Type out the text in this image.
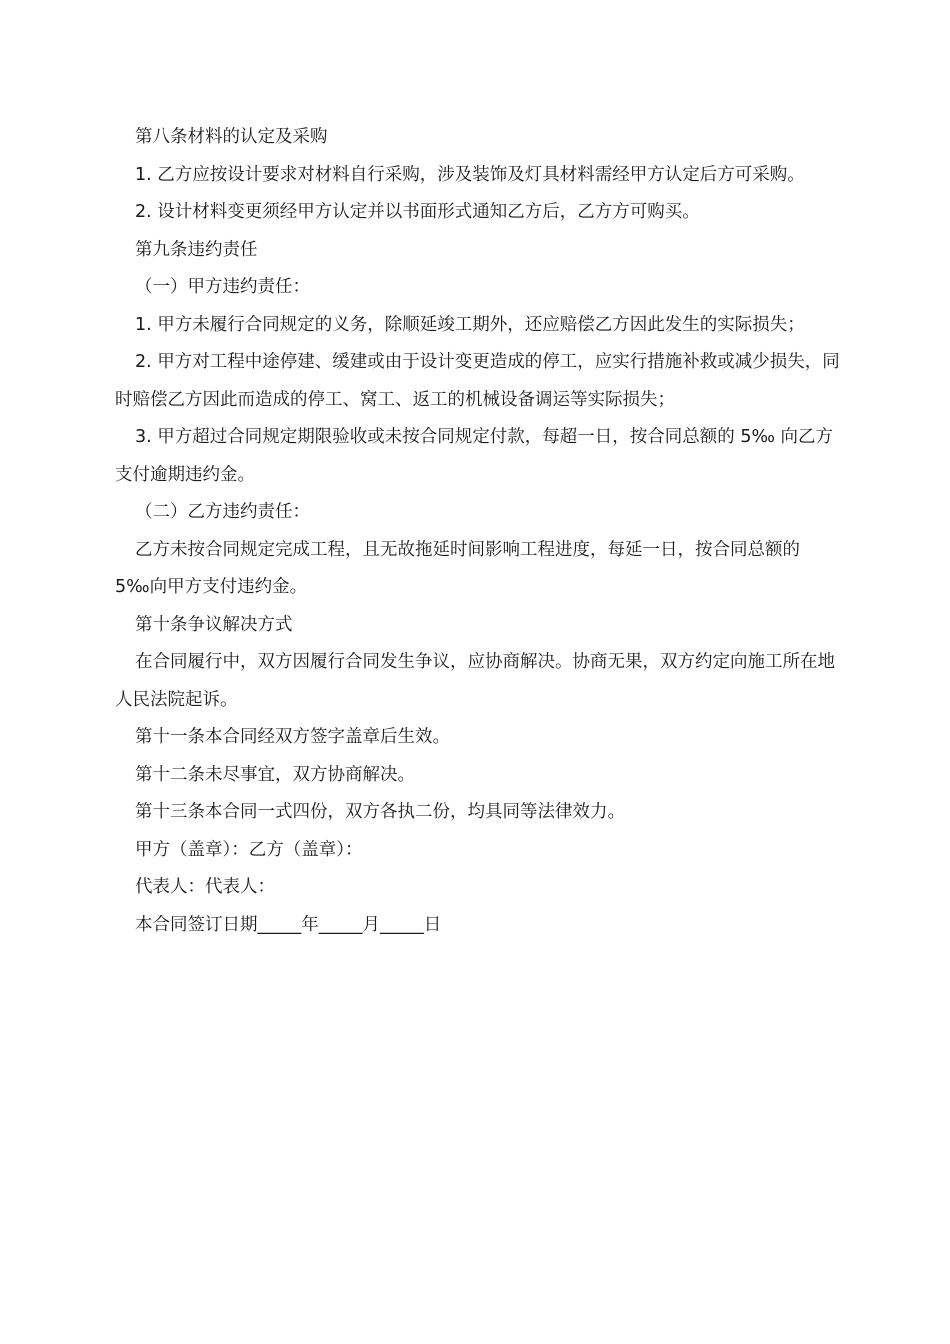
第八条材料的认定及采购

1. 乙方应按设计要求对材料自行采购，涉及装饰及灯具材料需经甲方认定后方可采购。

2. 设计材料变更须经甲方认定并以书面形式通知乙方后，乙方方可购买。

第九条违约责任

（一）甲方违约责任：

1. 甲方未履行合同规定的义务，除顺延竣工期外，还应赔偿乙方因此发生的实际损失；

2. 甲方对工程中途停建、缓建或由于设计变更造成的停工，应实行措施补救或减少损失，同时赔偿乙方因此而造成的停工、窝工、返工的机械设备调运等实际损失；

3. 甲方超过合同规定期限验收或未按合同规定付款，每超一日，按合同总额的 5‰ 向乙方支付逾期违约金。

（二）乙方违约责任：

乙方未按合同规定完成工程，且无故拖延时间影响工程进度，每延一日，按合同总额的 5‰向甲方支付违约金。

第十条争议解决方式

在合同履行中，双方因履行合同发生争议，应协商解决。协商无果，双方约定向施工所在地人民法院起诉。

第十一条本合同经双方签字盖章后生效。

第十二条未尽事宜，双方协商解决。

第十三条本合同一式四份，双方各执二份，均具同等法律效力。

甲方（盖章）：乙方（盖章）：

代表人：代表人：

本合同签订日期_____年_____月_____日
